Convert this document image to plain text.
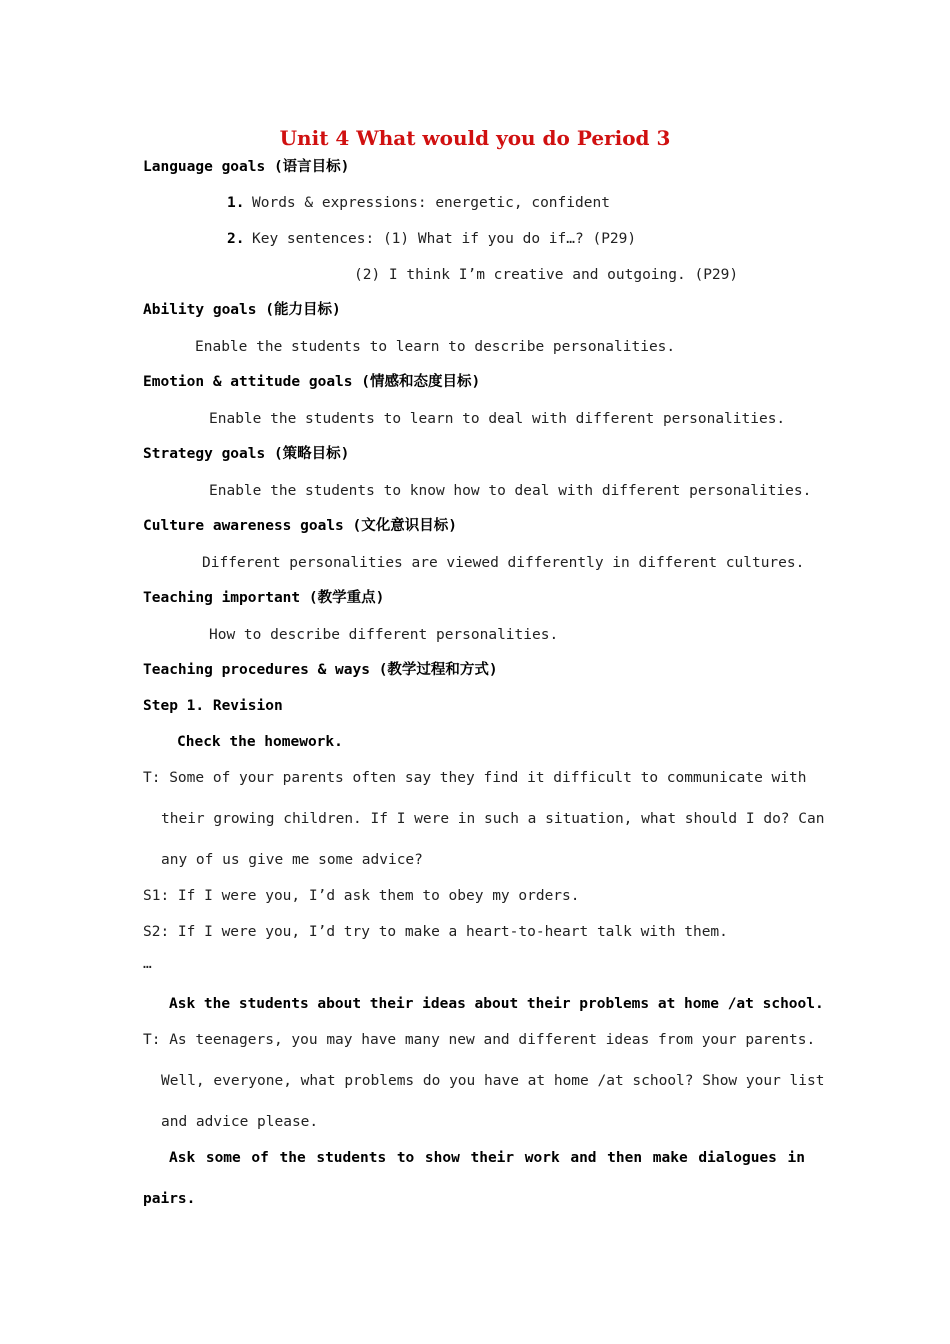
Unit 4 What would you do Period 3

Language goals (语言目标)

1. Words & expressions: energetic, confident

2. Key sentences: (1) What if you do if…? (P29)

(2) I think I’m creative and outgoing. (P29)

Ability goals (能力目标)

Enable the students to learn to describe personalities.

Emotion & attitude goals (情感和态度目标)

Enable the students to learn to deal with different personalities.

Strategy goals (策略目标)

Enable the students to know how to deal with different personalities.

Culture awareness goals (文化意识目标)

Different personalities are viewed differently in different cultures.

Teaching important (教学重点)

How to describe different personalities.

Teaching procedures & ways (教学过程和方式)

Step 1. Revision

Check the homework.

T: Some of your parents often say they find it difficult to communicate with

their growing children. If I were in such a situation, what should I do? Can

any of us give me some advice?

S1: If I were you, I’d ask them to obey my orders.

S2: If I were you, I’d try to make a heart-to-heart talk with them.

…

Ask the students about their ideas about their problems at home /at school.

T: As teenagers, you may have many new and different ideas from your parents.

Well, everyone, what problems do you have at home /at school? Show your list

and advice please.

Ask some of the students to show their work and then make dialogues in

pairs.
